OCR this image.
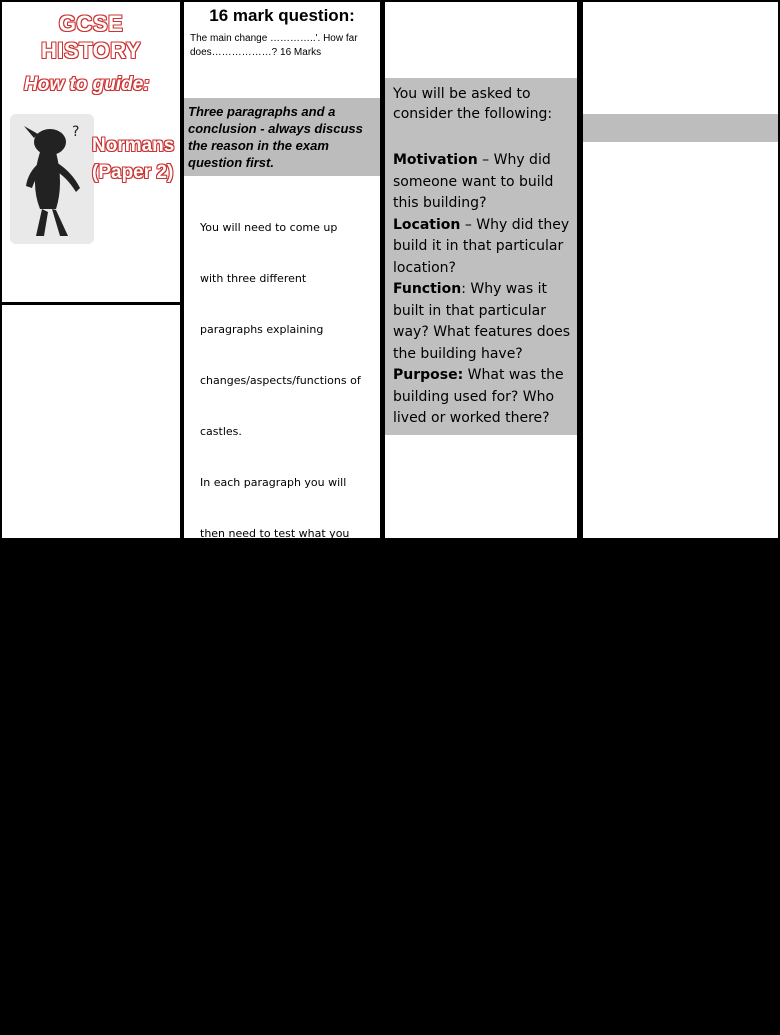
GCSE
HISTORY
How to guide:
?
Normans
(Paper 2)
16 mark question:
The main change …………..'. How far does………………? 16 Marks
Three paragraphs and a conclusion - always discuss the reason in the exam question first.

You will need to come up

with three different

paragraphs explaining

changes/aspects/functions of

castles.

In each paragraph you will

then need to test what you

know about Pevensey Castle

against it.

20 Minutes on this question.

E.g- A key reason why castles

were built was….

I know this as at Pevensey

castle…

This is important as….

Therefore…….

You will be asked to consider the following:
Motivation – Why did someone want to build this building?
Location – Why did they build it in that particular location?
Function: Why was it built in that particular way? What features does the building have?
Purpose: What was the building used for? Who lived or worked there?
